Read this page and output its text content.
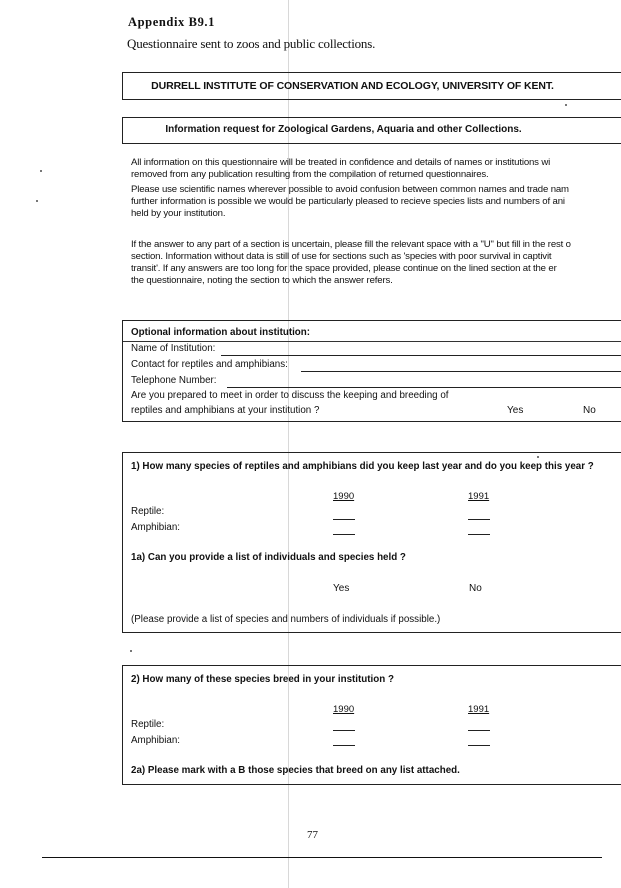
Appendix B9.1
Questionnaire sent to zoos and public collections.
DURRELL INSTITUTE OF CONSERVATION AND ECOLOGY, UNIVERSITY OF KENT.
Information request for Zoological Gardens, Aquaria and other Collections.
All information on this questionnaire will be treated in confidence and details of names or institutions wi
removed from any publication resulting from the compilation of returned questionnaires.
Please use scientific names wherever possible to avoid confusion between common names and trade nam
further information is possible we would be particularly pleased to recieve species lists and numbers of ani
held by your institution.
If the answer to any part of a section is uncertain, please fill the relevant space with a "U" but fill in the rest o
section. Information without data is still of use for sections such as 'species with poor survival in captivit
transit'. If any answers are too long for the space provided, please continue on the lined section at the er
the questionnaire, noting the section to which the answer refers.
Optional information about institution:
Name of Institution:
Contact for reptiles and amphibians:
Telephone Number:
Are you prepared to meet in order to discuss the keeping and breeding of
reptiles and amphibians at your institution ?	Yes	No
1) How many species of reptiles and amphibians did you keep last year and do you keep this year ?
1990	1991
Reptile:
Amphibian:
1a) Can you provide a list of individuals and species held ?
Yes	No
(Please provide a list of species and numbers of individuals if possible.)
2) How many of these species breed in your institution ?
1990	1991
Reptile:
Amphibian:
2a) Please mark with a B those species that breed on any list attached.
77
